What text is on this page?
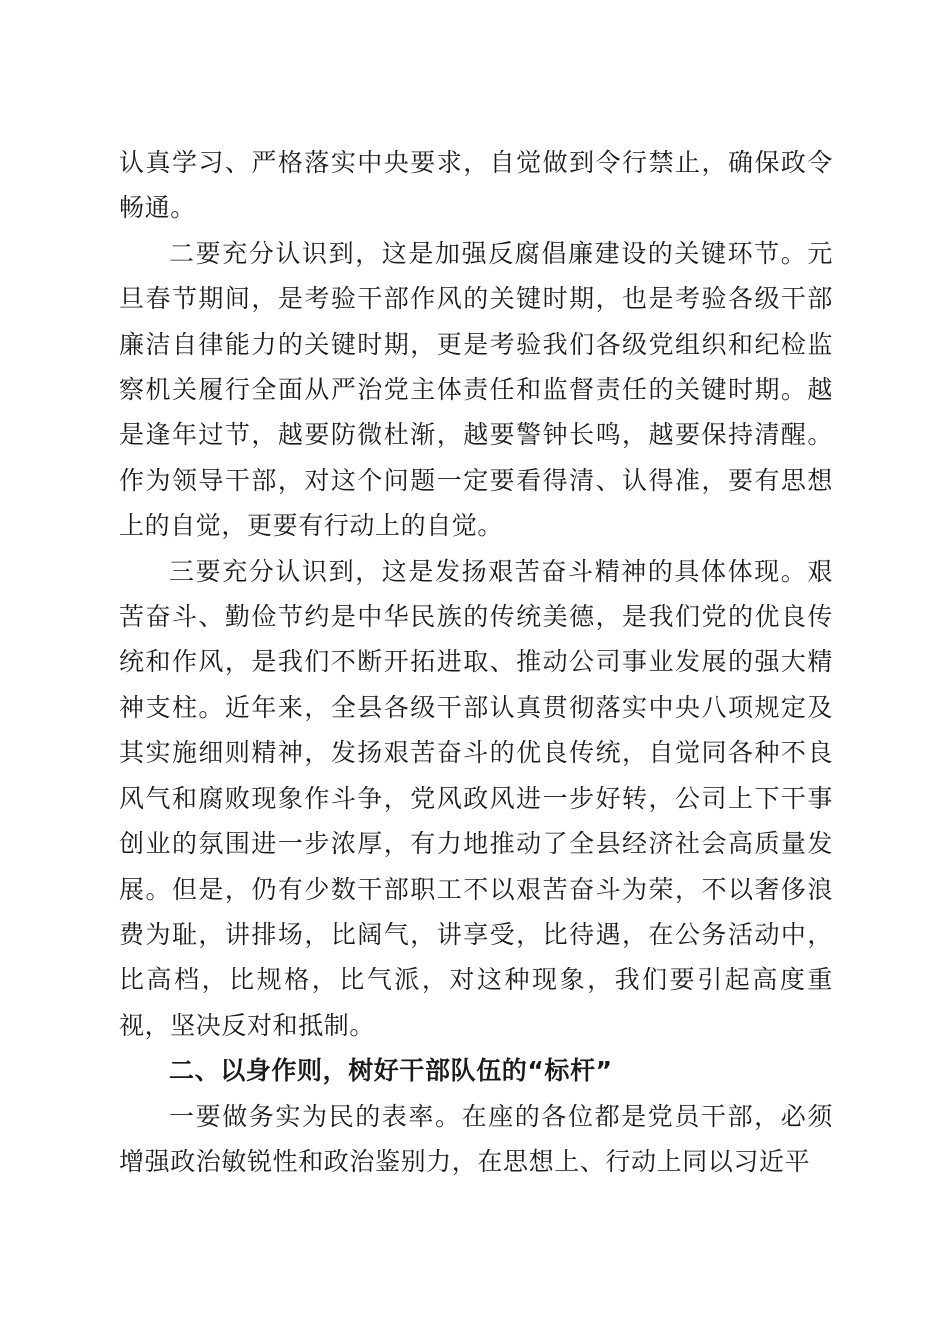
认真学习、严格落实中央要求，自觉做到令行禁止，确保政令畅通。

二要充分认识到，这是加强反腐倡廉建设的关键环节。元旦春节期间，是考验干部作风的关键时期，也是考验各级干部廉洁自律能力的关键时期，更是考验我们各级党组织和纪检监察机关履行全面从严治党主体责任和监督责任的关键时期。越是逢年过节，越要防微杜渐，越要警钟长鸣，越要保持清醒。作为领导干部，对这个问题一定要看得清、认得准，要有思想上的自觉，更要有行动上的自觉。

三要充分认识到，这是发扬艰苦奋斗精神的具体体现。艰苦奋斗、勤俭节约是中华民族的传统美德，是我们党的优良传统和作风，是我们不断开拓进取、推动公司事业发展的强大精神支柱。近年来，全县各级干部认真贯彻落实中央八项规定及其实施细则精神，发扬艰苦奋斗的优良传统，自觉同各种不良风气和腐败现象作斗争，党风政风进一步好转，公司上下干事创业的氛围进一步浓厚，有力地推动了全县经济社会高质量发展。但是，仍有少数干部职工不以艰苦奋斗为荣，不以奢侈浪费为耻，讲排场，比阔气，讲享受，比待遇，在公务活动中，比高档，比规格，比气派，对这种现象，我们要引起高度重视，坚决反对和抵制。

二、以身作则，树好干部队伍的“标杆”

一要做务实为民的表率。在座的各位都是党员干部，必须增强政治敏锐性和政治鉴别力，在思想上、行动上同以习近平
